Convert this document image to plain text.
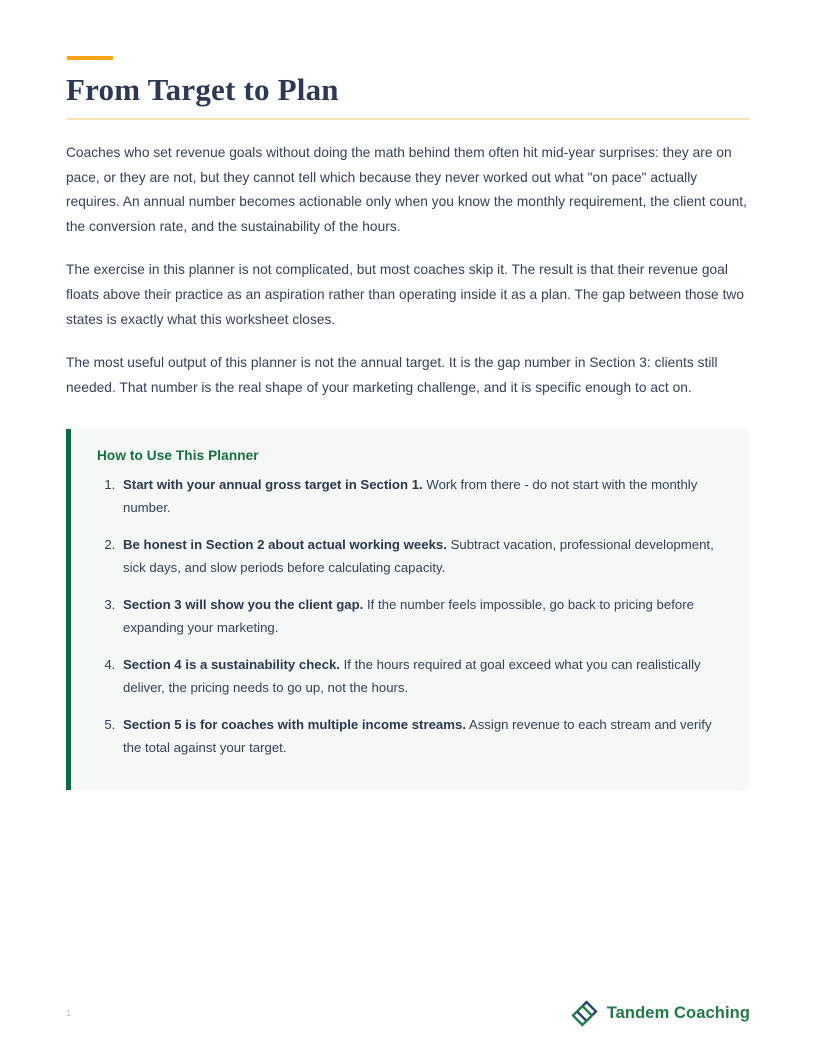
From Target to Plan

Coaches who set revenue goals without doing the math behind them often hit mid-year surprises: they are on pace, or they are not, but they cannot tell which because they never worked out what "on pace" actually requires. An annual number becomes actionable only when you know the monthly requirement, the client count, the conversion rate, and the sustainability of the hours.

The exercise in this planner is not complicated, but most coaches skip it. The result is that their revenue goal floats above their practice as an aspiration rather than operating inside it as a plan. The gap between those two states is exactly what this worksheet closes.

The most useful output of this planner is not the annual target. It is the gap number in Section 3: clients still needed. That number is the real shape of your marketing challenge, and it is specific enough to act on.

How to Use This Planner
1. Start with your annual gross target in Section 1. Work from there - do not start with the monthly number.
2. Be honest in Section 2 about actual working weeks. Subtract vacation, professional development, sick days, and slow periods before calculating capacity.
3. Section 3 will show you the client gap. If the number feels impossible, go back to pricing before expanding your marketing.
4. Section 4 is a sustainability check. If the hours required at goal exceed what you can realistically deliver, the pricing needs to go up, not the hours.
5. Section 5 is for coaches with multiple income streams. Assign revenue to each stream and verify the total against your target.
1	Tandem Coaching
